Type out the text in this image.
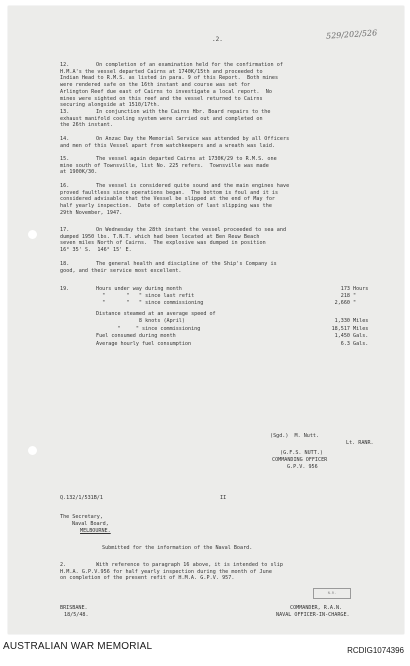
.2.	529/202/526
12.	On completion of an examination held for the confirmation of
H.M.A's the vessel departed Cairns at 1740K/15th and proceeded to
Indian Head to R.M.S. as listed in para. 9 of this Report.  Both mines
were rendered safe on the 16th instant and course was set for
Arlington Reef due east of Cairns to investigate a local report.  No
mines were sighted on this reef and the vessel returned to Cairns
securing alongside at 1510/17th.
13.	In conjunction with the Cairns Hbr. Board repairs to the
exhaust manifold cooling system were carried out and completed on
the 26th instant.
14.	On Anzac Day the Memorial Service was attended by all Officers
and men of this Vessel apart from watchkeepers and a wreath was laid.
15.	The vessel again departed Cairns at 1730K/29 to R.M.S. one
mine south of Townsville, list No. 225 refers.  Townsville was made
at 1900K/30.
16.	The vessel is considered quite sound and the main engines have
proved faultless since operations began.  The bottom is foul and it is
considered advisable that the Vessel be slipped at the end of May for
half yearly inspection.  Date of completion of last slipping was the
29th November, 1947.
17.	On Wednesday the 28th instant the vessel proceeded to sea and
dumped 1950 lbs. T.N.T. which had been located at Ben Reuw Beach
seven miles North of Cairns.  The explosive was dumped in position
16° 35' S.  146° 15' E.
18.	The general health and discipline of the Ship's Company is
good, and their service most excellent.
19.	Hours under way during month	173 Hours
"       "   " since last refit	218 "
"       "   " since commissioning	2,660 "
Distance steamed at an average speed of
8 knots (April)	1,330 Miles
"     " since commissioning	18,517 Miles
Fuel consumed during month	1,450 Gals.
Average hourly fuel consumption	6.3 Gals.
(Sgd.)  M. Nutt.
Lt. RANR.
(G.F.S. NUTT.)
COMMANDING OFFICER
G.P.V. 956
Q.132/1/531B/1	II
The Secretary,
Naval Board,
MELBOURNE.
Submitted for the information of the Naval Board.
2.	With reference to paragraph 16 above, it is intended to slip
H.M.A. G.P.V.956 for half yearly inspection during the month of June
on completion of the present refit of H.M.A. G.P.V. 957.
N.R.
BRISBANE.
18/5/48.
COMMANDER, R.A.N.
NAVAL OFFICER-IN-CHARGE.
AUSTRALIAN WAR MEMORIAL	RCDIG1074396
